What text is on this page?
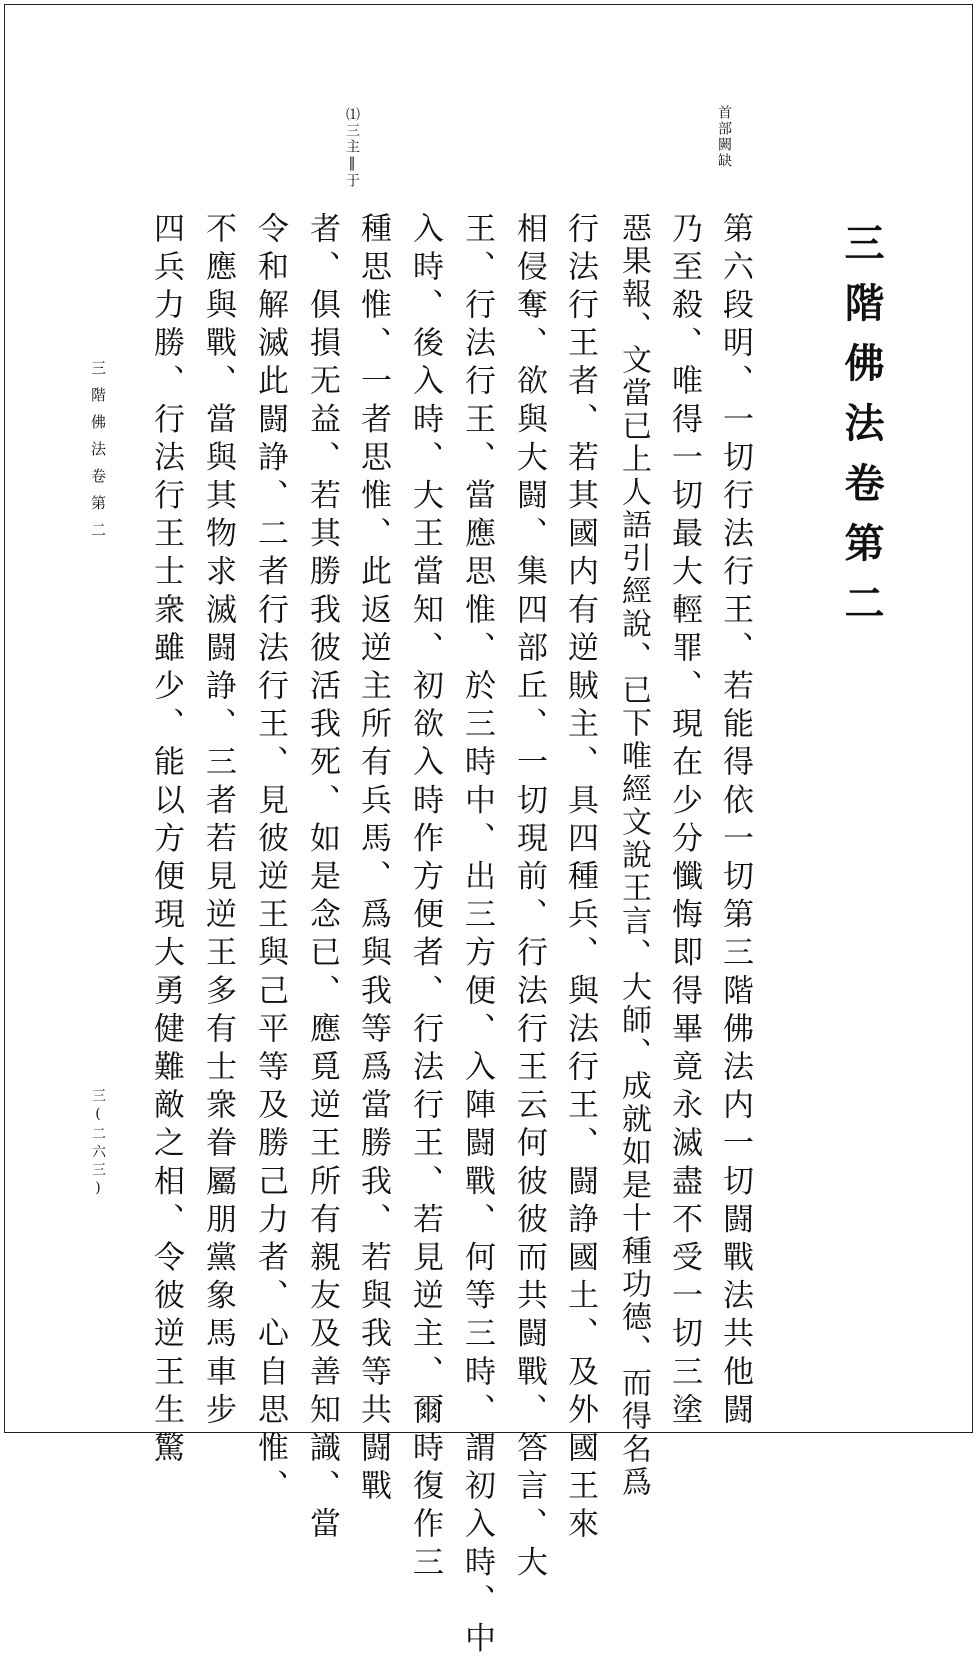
三階佛法卷第二
首部闕缺
⑴三主‖于
第六段明、一切行法行王、若能得依一切第三階佛法内一切闘戰法共他闘
乃至殺、唯得一切最大輕罪、現在少分懺悔即得畢竟永滅盡不受一切三塗
惡果報、文當已上人語引經說、已下唯經文說王言、大師、成就如是十種功德、而得名爲
行法行王者、若其國内有逆賊主、具四種兵、與法行王、闘諍國土、及外國王來
相侵奪、欲與大闘、集四部丘、一切現前、行法行王云何彼彼而共闘戰、答言、大
王、行法行王、當應思惟、於三時中、出三方便、入陣闘戰、何等三時、謂初入時、中
入時、後入時、大王當知、初欲入時作方便者、行法行王、若見逆主、爾時復作三
種思惟、一者思惟、此返逆主所有兵馬、爲與我等爲當勝我、若與我等共闘戰
者、俱損无益、若其勝我彼活我死、如是念已、應覓逆王所有親友及善知識、當
令和解滅此闘諍、二者行法行王、見彼逆王與己平等及勝己力者、心自思惟、
不應與戰、當與其物求滅闘諍、三者若見逆王多有士衆眷屬朋黨象馬車步
四兵力勝、行法行王士衆雖少、能以方便現大勇健難敵之相、令彼逆王生驚
三階佛法卷第二
三(二六三)
